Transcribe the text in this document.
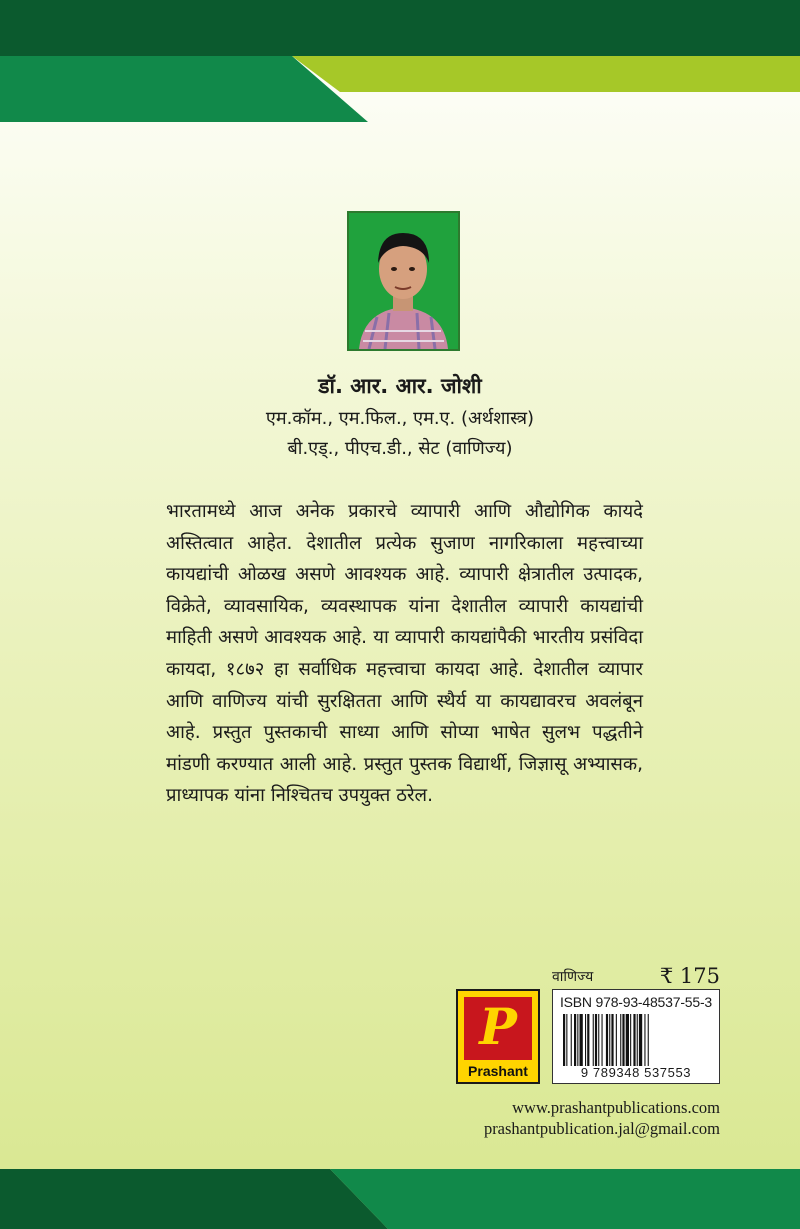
डॉ. आर. आर. जोशी
एम.कॉम., एम.फिल., एम.ए. (अर्थशास्त्र)
बी.एड्., पीएच.डी., सेट (वाणिज्य)

भारतामध्ये आज अनेक प्रकारचे व्यापारी आणि औद्योगिक कायदे अस्तित्वात आहेत. देशातील प्रत्येक सुजाण नागरिकाला महत्त्वाच्या कायद्यांची ओळख असणे आवश्यक आहे. व्यापारी क्षेत्रातील उत्पादक, विक्रेते, व्यावसायिक, व्यवस्थापक यांना देशातील व्यापारी कायद्यांची माहिती असणे आवश्यक आहे. या व्यापारी कायद्यांपैकी भारतीय प्रसंविदा कायदा, १८७२ हा सर्वाधिक महत्त्वाचा कायदा आहे. देशातील व्यापार आणि वाणिज्य यांची सुरक्षितता आणि स्थैर्य या कायद्यावरच अवलंबून आहे. प्रस्तुत पुस्तकाची साध्या आणि सोप्या भाषेत सुलभ पद्धतीने मांडणी करण्यात आली आहे. प्रस्तुत पुस्तक विद्यार्थी, जिज्ञासू अभ्यासक, प्राध्यापक यांना निश्चितच उपयुक्त ठरेल.

वाणिज्य	₹ 175
P
Prashant
ISBN 978-93-48537-55-3
9 789348 537553
www.prashantpublications.com
prashantpublication.jal@gmail.com
